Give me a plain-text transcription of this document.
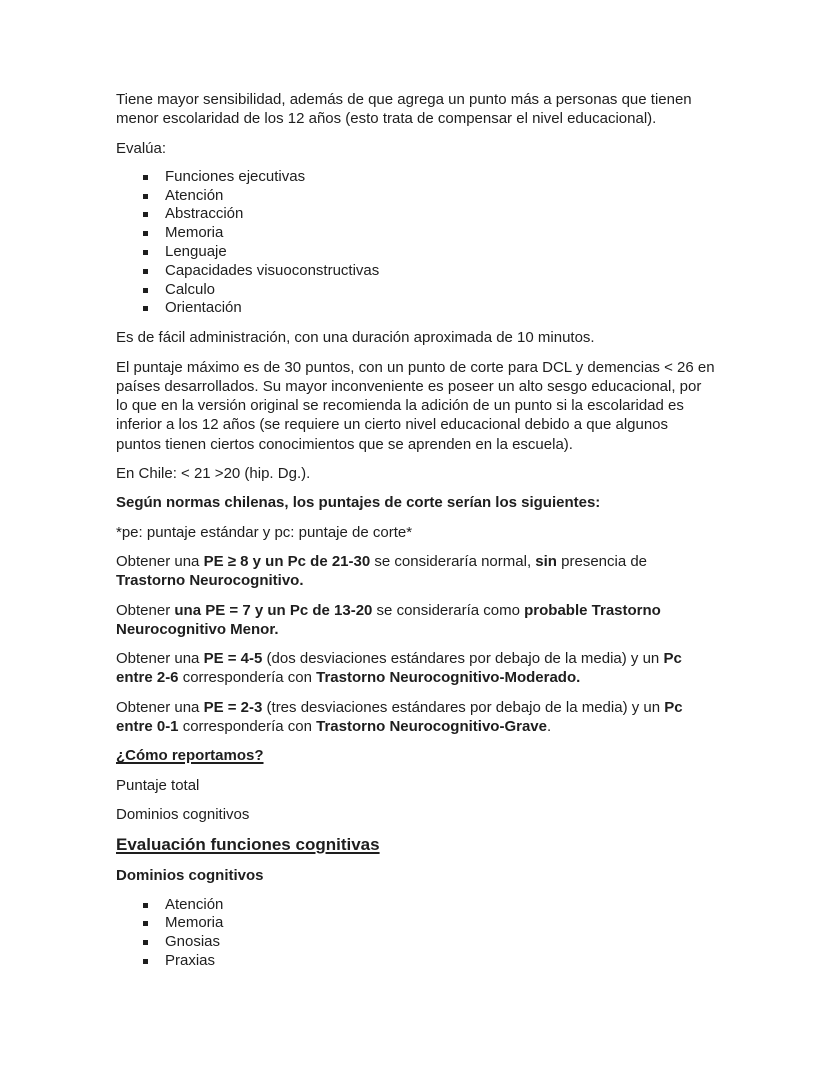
Tiene mayor sensibilidad, además de que agrega un punto más a personas que tienen menor escolaridad de los 12 años (esto trata de compensar el nivel educacional).

Evalúa:

Funciones ejecutivas
Atención
Abstracción
Memoria
Lenguaje
Capacidades visuoconstructivas
Calculo
Orientación

Es de fácil administración, con una duración aproximada de 10 minutos.

El puntaje máximo es de 30 puntos, con un punto de corte para DCL y demencias < 26 en países desarrollados. Su mayor inconveniente es poseer un alto sesgo educacional, por lo que en la versión original se recomienda la adición de un punto si la escolaridad es inferior a los 12 años (se requiere un cierto nivel educacional debido a que algunos puntos tienen ciertos conocimientos que se aprenden en la escuela).

En Chile: < 21 >20 (hip. Dg.).

Según normas chilenas, los puntajes de corte serían los siguientes:

*pe: puntaje estándar y pc: puntaje de corte*

Obtener una PE ≥ 8 y un Pc de 21-30 se consideraría normal, sin presencia de Trastorno Neurocognitivo.

Obtener una PE = 7 y un Pc de 13-20 se consideraría como probable Trastorno Neurocognitivo Menor.

Obtener una PE = 4-5 (dos desviaciones estándares por debajo de la media) y un Pc entre 2-6 correspondería con Trastorno Neurocognitivo-Moderado.

Obtener una PE = 2-3 (tres desviaciones estándares por debajo de la media) y un Pc entre 0-1 correspondería con Trastorno Neurocognitivo-Grave.

¿Cómo reportamos?

Puntaje total

Dominios cognitivos

Evaluación funciones cognitivas

Dominios cognitivos

Atención
Memoria
Gnosias
Praxias
